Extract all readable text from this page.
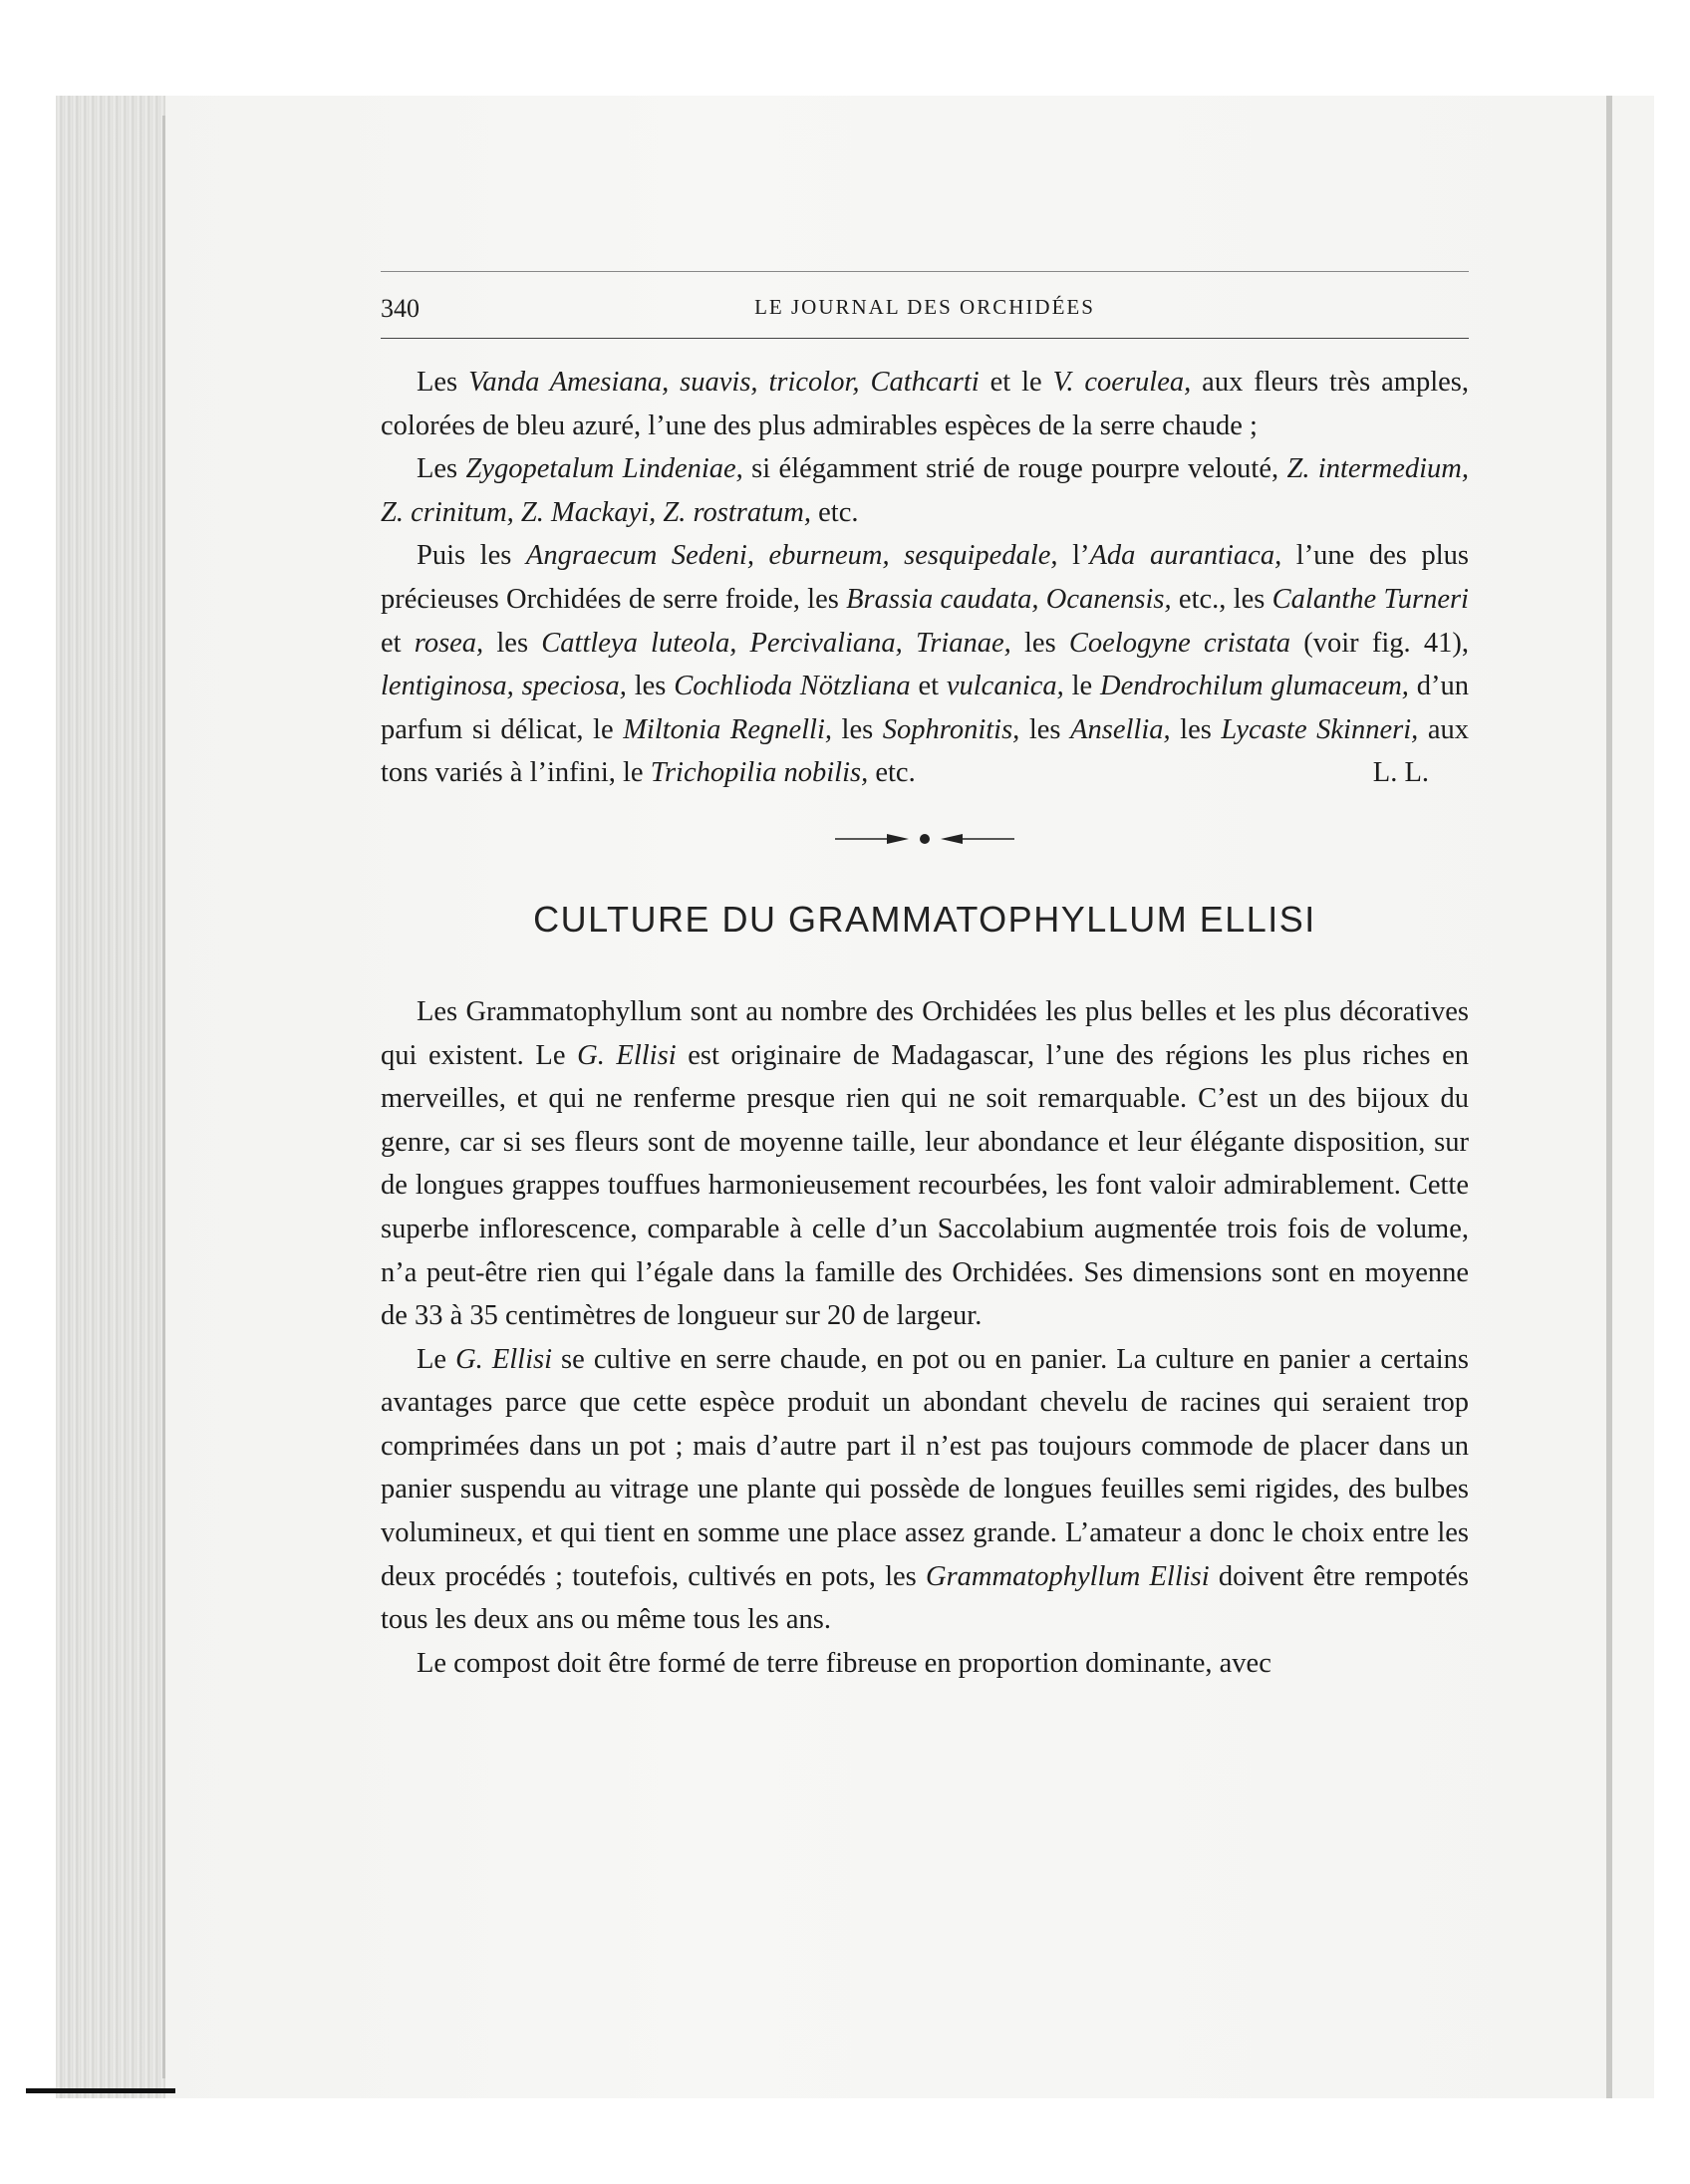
340	LE JOURNAL DES ORCHIDÉES

Les Vanda Amesiana, suavis, tricolor, Cathcarti et le V. coerulea, aux fleurs très amples, colorées de bleu azuré, l’une des plus admirables espèces de la serre chaude ;

Les Zygopetalum Lindeniae, si élégamment strié de rouge pourpre velouté, Z. intermedium, Z. crinitum, Z. Mackayi, Z. rostratum, etc.

Puis les Angraecum Sedeni, eburneum, sesquipedale, l’Ada aurantiaca, l’une des plus précieuses Orchidées de serre froide, les Brassia caudata, Ocanensis, etc., les Calanthe Turneri et rosea, les Cattleya luteola, Percivaliana, Trianae, les Coelogyne cristata (voir fig. 41), lentiginosa, speciosa, les Cochlioda Nötzliana et vulcanica, le Dendrochilum glumaceum, d’un parfum si délicat, le Miltonia Regnelli, les Sophronitis, les Ansellia, les Lycaste Skinneri, aux tons variés à l’infini, le Trichopilia nobilis, etc.	L. L.

CULTURE DU GRAMMATOPHYLLUM ELLISI

Les Grammatophyllum sont au nombre des Orchidées les plus belles et les plus décoratives qui existent. Le G. Ellisi est originaire de Madagascar, l’une des régions les plus riches en merveilles, et qui ne renferme presque rien qui ne soit remarquable. C’est un des bijoux du genre, car si ses fleurs sont de moyenne taille, leur abondance et leur élégante disposition, sur de longues grappes touffues harmonieusement recourbées, les font valoir admirablement. Cette superbe inflorescence, comparable à celle d’un Saccolabium augmentée trois fois de volume, n’a peut-être rien qui l’égale dans la famille des Orchidées. Ses dimensions sont en moyenne de 33 à 35 centimètres de longueur sur 20 de largeur.

Le G. Ellisi se cultive en serre chaude, en pot ou en panier. La culture en panier a certains avantages parce que cette espèce produit un abondant chevelu de racines qui seraient trop comprimées dans un pot ; mais d’autre part il n’est pas toujours commode de placer dans un panier suspendu au vitrage une plante qui possède de longues feuilles semi rigides, des bulbes volumineux, et qui tient en somme une place assez grande. L’amateur a donc le choix entre les deux procédés ; toutefois, cultivés en pots, les Grammatophyllum Ellisi doivent être rempotés tous les deux ans ou même tous les ans.

Le compost doit être formé de terre fibreuse en proportion dominante, avec
